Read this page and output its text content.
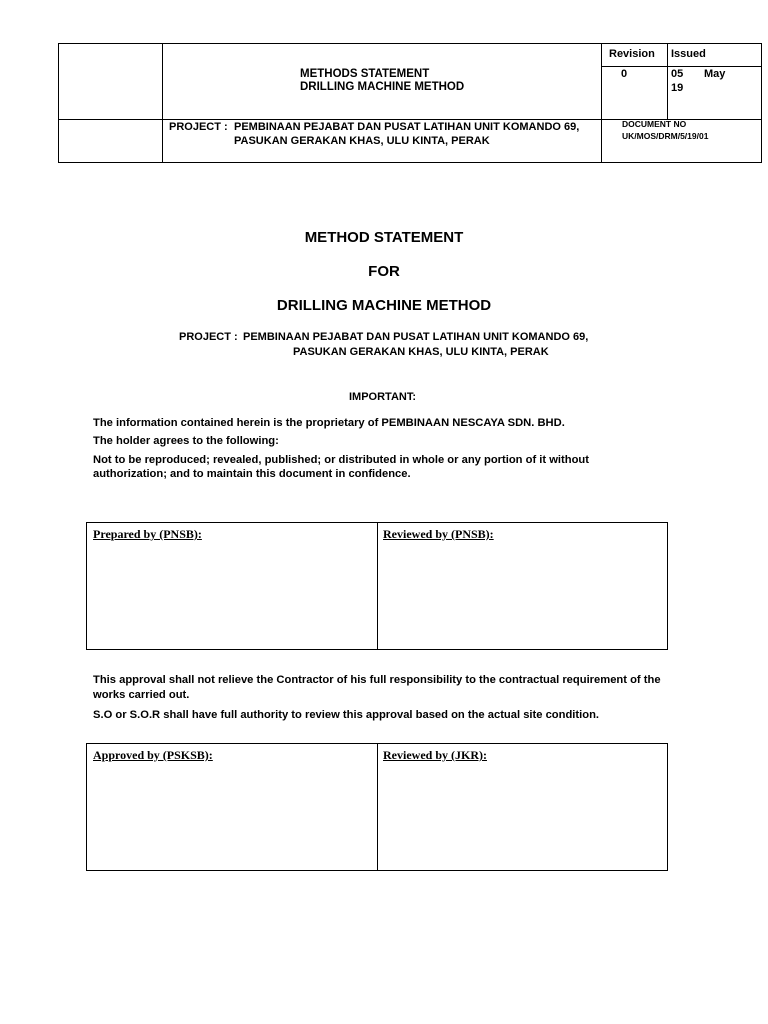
METHODS STATEMENT
DRILLING MACHINE METHOD
Revision
0
Issued
05 May
19
PROJECT : PEMBINAAN PEJABAT DAN PUSAT LATIHAN UNIT KOMANDO 69,
PASUKAN GERAKAN KHAS, ULU KINTA, PERAK
DOCUMENT NO
UK/MOS/DRM/5/19/01
METHOD STATEMENT
FOR
DRILLING MACHINE METHOD
PROJECT : PEMBINAAN PEJABAT DAN PUSAT LATIHAN UNIT KOMANDO 69,
PASUKAN GERAKAN KHAS, ULU KINTA, PERAK
IMPORTANT:
The information contained herein is the proprietary of PEMBINAAN NESCAYA SDN. BHD.
The holder agrees to the following:
Not to be reproduced; revealed, published; or distributed in whole or any portion of it without
authorization; and to maintain this document in confidence.
Prepared by (PNSB):	Reviewed by (PNSB):
This approval shall not relieve the Contractor of his full responsibility to the contractual requirement of the
works carried out.
S.O or S.O.R shall have full authority to review this approval based on the actual site condition.
Approved by (PSKSB):	Reviewed by (JKR):
